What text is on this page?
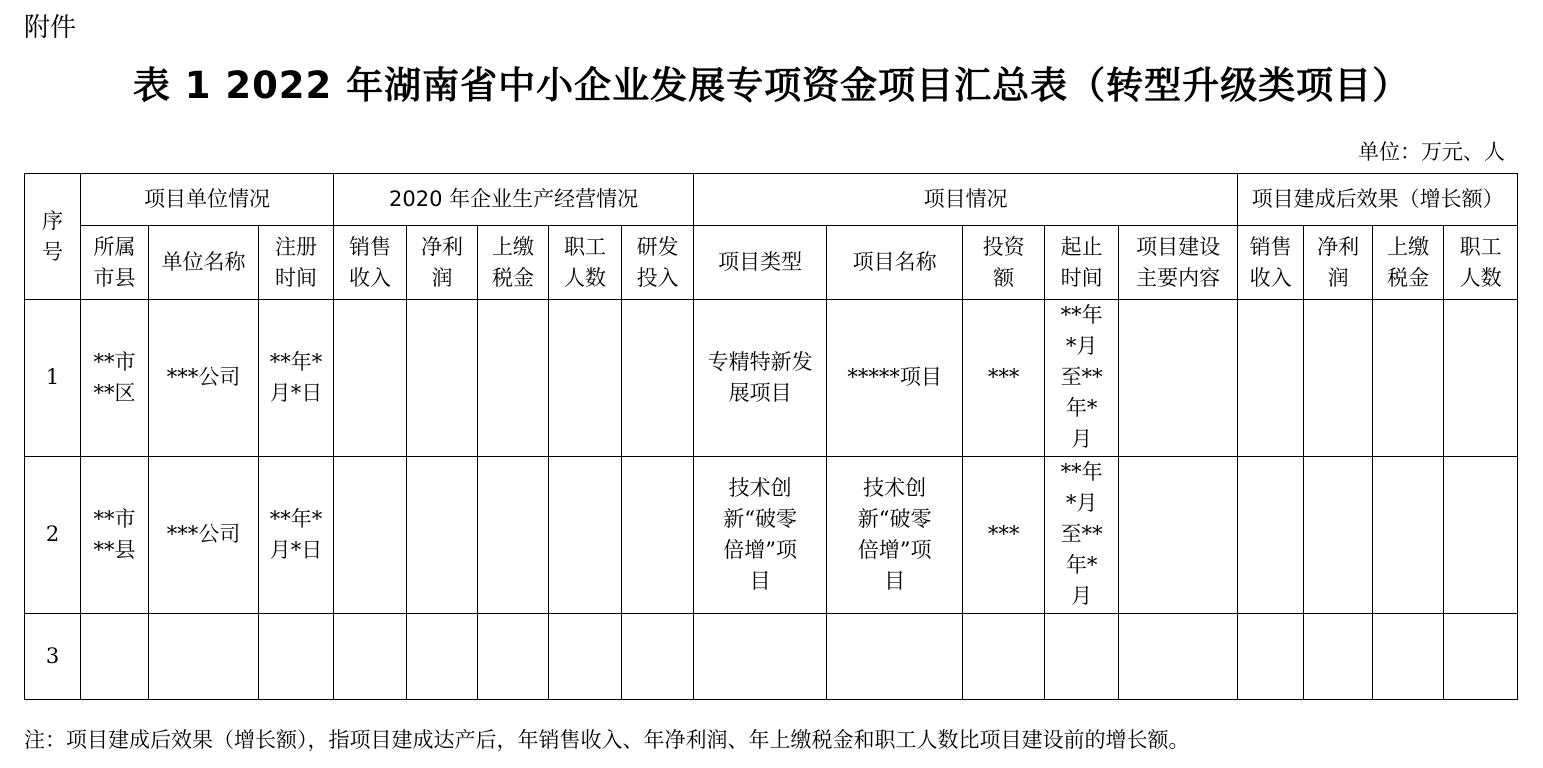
附件
表 1 2022 年湖南省中小企业发展专项资金项目汇总表（转型升级类项目）
单位：万元、人
序号	项目单位情况			2020 年企业生产经营情况					项目情况					项目建成后效果（增长额）			

	所属市县	单位名称	注册时间	销售收入	净利润	上缴税金	职工人数	研发投入	项目类型	项目名称	投资额	起止时间	项目建设主要内容	销售收入	净利润	上缴税金	职工人数

1	**市**区	***公司	**年*月*日						专精特新发展项目	*****项目	***	**年*月至**年*月					

2	**市**县	***公司	**年*月*日						技术创新“破零倍增”项目	技术创新“破零倍增”项目	***	**年*月至**年*月					

3																	
注：项目建成后效果（增长额），指项目建成达产后，年销售收入、年净利润、年上缴税金和职工人数比项目建设前的增长额。
